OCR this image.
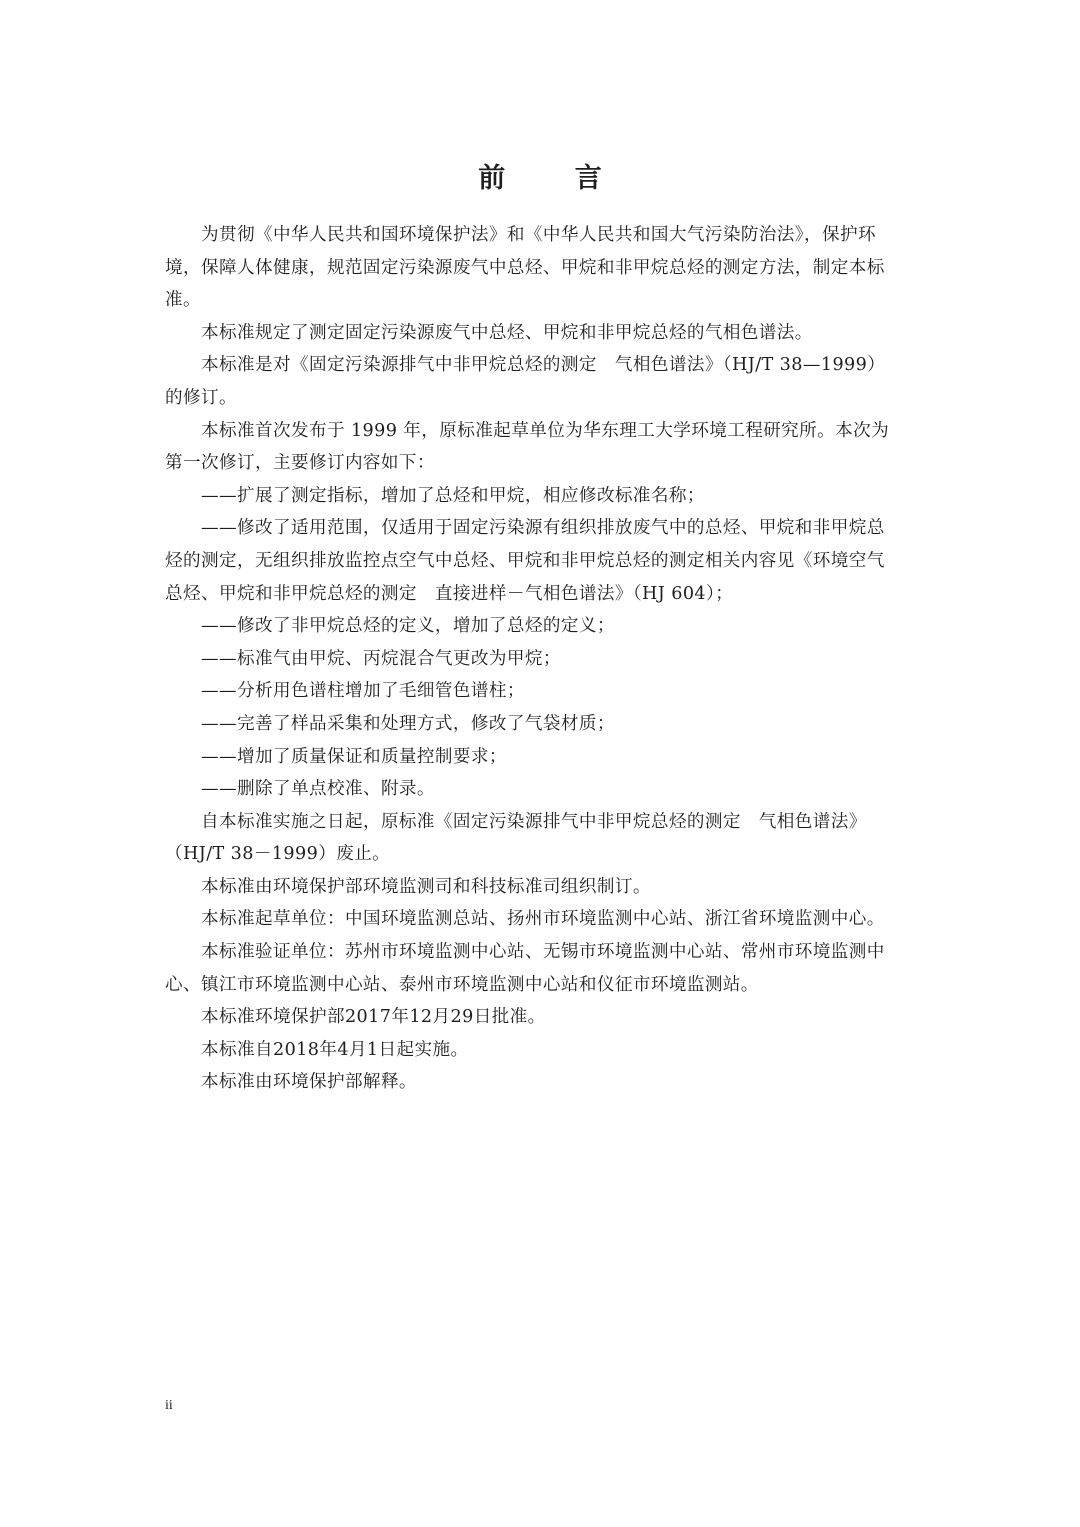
前 言
为贯彻《中华人民共和国环境保护法》和《中华人民共和国大气污染防治法》，保护环
境，保障人体健康，规范固定污染源废气中总烃、甲烷和非甲烷总烃的测定方法，制定本标
准。
本标准规定了测定固定污染源废气中总烃、甲烷和非甲烷总烃的气相色谱法。
本标准是对《固定污染源排气中非甲烷总烃的测定　气相色谱法》（HJ/T 38—1999）
的修订。
本标准首次发布于 1999 年，原标准起草单位为华东理工大学环境工程研究所。本次为
第一次修订，主要修订内容如下：
——扩展了测定指标，增加了总烃和甲烷，相应修改标准名称；
——修改了适用范围，仅适用于固定污染源有组织排放废气中的总烃、甲烷和非甲烷总
烃的测定，无组织排放监控点空气中总烃、甲烷和非甲烷总烃的测定相关内容见《环境空气
总烃、甲烷和非甲烷总烃的测定　直接进样－气相色谱法》（HJ 604）；
——修改了非甲烷总烃的定义，增加了总烃的定义；
——标准气由甲烷、丙烷混合气更改为甲烷；
——分析用色谱柱增加了毛细管色谱柱；
——完善了样品采集和处理方式，修改了气袋材质；
——增加了质量保证和质量控制要求；
——删除了单点校准、附录。
自本标准实施之日起，原标准《固定污染源排气中非甲烷总烃的测定　气相色谱法》
（HJ/T 38－1999）废止。
本标准由环境保护部环境监测司和科技标准司组织制订。
本标准起草单位：中国环境监测总站、扬州市环境监测中心站、浙江省环境监测中心。
本标准验证单位：苏州市环境监测中心站、无锡市环境监测中心站、常州市环境监测中
心、镇江市环境监测中心站、泰州市环境监测中心站和仪征市环境监测站。
本标准环境保护部2017年12月29日批准。
本标准自2018年4月1日起实施。
本标准由环境保护部解释。
ii
